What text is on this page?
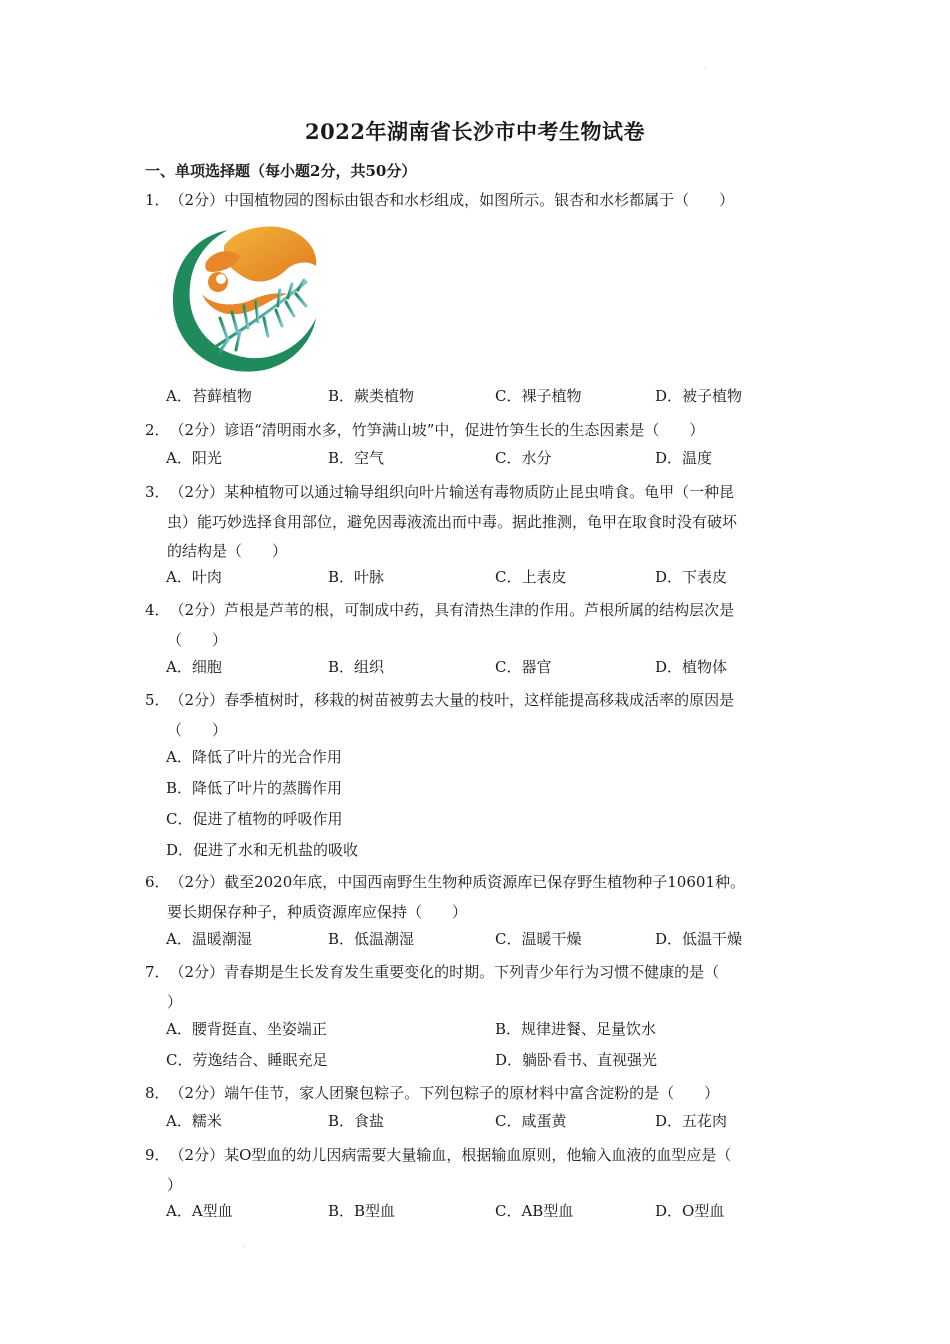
2022年湖南省长沙市中考生物试卷
一、单项选择题（每小题2分，共50分）
1．（2分）中国植物园的图标由银杏和水杉组成，如图所示。银杏和水杉都属于（　　）
A．苔藓植物	B．蕨类植物	C．裸子植物	D．被子植物
2．（2分）谚语“清明雨水多，竹笋满山坡”中，促进竹笋生长的生态因素是（　　）
A．阳光	B．空气	C．水分	D．温度
3．（2分）某种植物可以通过输导组织向叶片输送有毒物质防止昆虫啃食。龟甲（一种昆
虫）能巧妙选择食用部位，避免因毒液流出而中毒。据此推测，龟甲在取食时没有破坏
的结构是（　　）
A．叶肉	B．叶脉	C．上表皮	D．下表皮
4．（2分）芦根是芦苇的根，可制成中药，具有清热生津的作用。芦根所属的结构层次是
（　　）
A．细胞	B．组织	C．器官	D．植物体
5．（2分）春季植树时，移栽的树苗被剪去大量的枝叶，这样能提高移栽成活率的原因是
（　　）
A．降低了叶片的光合作用
B．降低了叶片的蒸腾作用
C．促进了植物的呼吸作用
D．促进了水和无机盐的吸收
6．（2分）截至2020年底，中国西南野生生物种质资源库已保存野生植物种子10601种。
要长期保存种子，种质资源库应保持（　　）
A．温暖潮湿	B．低温潮湿	C．温暖干燥	D．低温干燥
7．（2分）青春期是生长发育发生重要变化的时期。下列青少年行为习惯不健康的是（
）
A．腰背挺直、坐姿端正	B．规律进餐、足量饮水
C．劳逸结合、睡眠充足	D．躺卧看书、直视强光
8．（2分）端午佳节，家人团聚包粽子。下列包粽子的原材料中富含淀粉的是（　　）
A．糯米	B．食盐	C．咸蛋黄	D．五花肉
9．（2分）某O型血的幼儿因病需要大量输血，根据输血原则，他输入血液的血型应是（
）
A．A型血	B．B型血	C．AB型血	D．O型血
·
·
